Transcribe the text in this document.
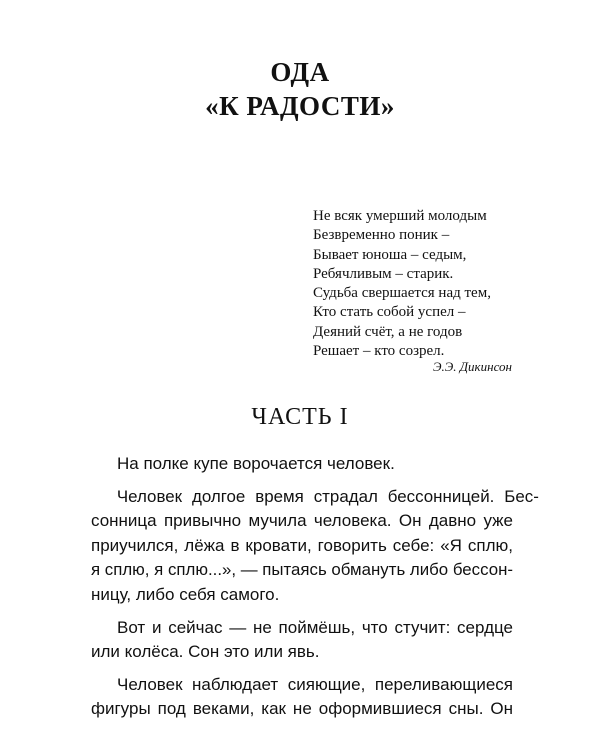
ОДА
«К РАДОСТИ»
Не всяк умерший молодым
Безвременно поник –
Бывает юноша – седым,
Ребячливым – старик.
Судьба свершается над тем,
Кто стать собой успел –
Деяний счёт, а не годов
Решает – кто созрел.
Э.Э. Дикинсон
ЧАСТЬ I
На полке купе ворочается человек.
Человек долгое время страдал бессонницей. Бес-
сонница привычно мучила человека. Он давно уже
приучился, лёжа в кровати, говорить себе: «Я сплю,
я сплю, я сплю...», — пытаясь обмануть либо бессон-
ницу, либо себя самого.
Вот и сейчас — не поймёшь, что стучит: сердце
или колёса. Сон это или явь.
Человек наблюдает сияющие, переливающиеся
фигуры под веками, как не оформившиеся сны. Он
